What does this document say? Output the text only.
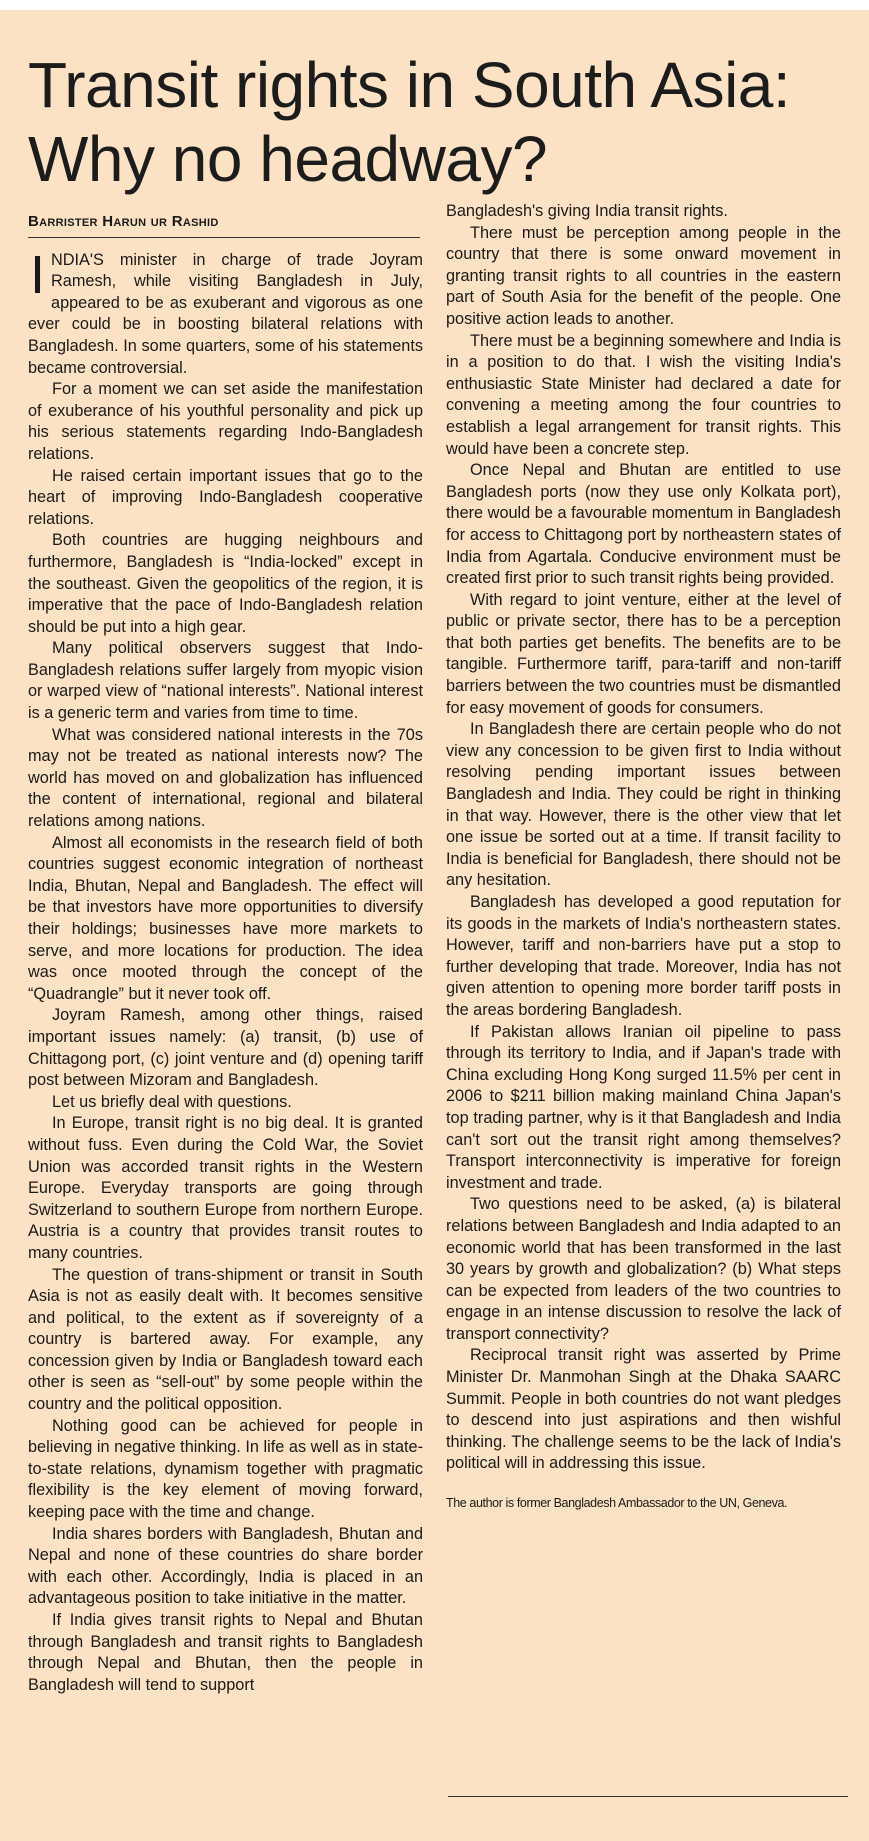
Transit rights in South Asia:
Why no headway?
Barrister Harun ur Rashid

INDIA'S minister in charge of trade Joyram Ramesh, while visiting Bangladesh in July, appeared to be as exuberant and vigorous as one ever could be in boosting bilateral relations with Bangladesh. In some quarters, some of his statements became controversial.

For a moment we can set aside the manifestation of exuberance of his youthful personality and pick up his serious statements regarding Indo-Bangladesh relations.

He raised certain important issues that go to the heart of improving Indo-Bangladesh cooperative relations.

Both countries are hugging neighbours and furthermore, Bangladesh is “India-locked” except in the southeast. Given the geopolitics of the region, it is imperative that the pace of Indo-Bangladesh relation should be put into a high gear.

Many political observers suggest that Indo-Bangladesh relations suffer largely from myopic vision or warped view of “national interests”. National interest is a generic term and varies from time to time.

What was considered national interests in the 70s may not be treated as national interests now? The world has moved on and globalization has influenced the content of international, regional and bilateral relations among nations.

Almost all economists in the research field of both countries suggest economic integration of northeast India, Bhutan, Nepal and Bangladesh. The effect will be that investors have more opportunities to diversify their holdings; businesses have more markets to serve, and more locations for production. The idea was once mooted through the concept of the “Quadrangle” but it never took off.

Joyram Ramesh, among other things, raised important issues namely: (a) transit, (b) use of Chittagong port, (c) joint venture and (d) opening tariff post between Mizoram and Bangladesh.

Let us briefly deal with questions.

In Europe, transit right is no big deal. It is granted without fuss. Even during the Cold War, the Soviet Union was accorded transit rights in the Western Europe. Everyday transports are going through Switzerland to southern Europe from northern Europe. Austria is a country that provides transit routes to many countries.

The question of trans-shipment or transit in South Asia is not as easily dealt with. It becomes sensitive and political, to the extent as if sovereignty of a country is bartered away. For example, any concession given by India or Bangladesh toward each other is seen as “sell-out” by some people within the country and the political opposition.

Nothing good can be achieved for people in believing in negative thinking. In life as well as in state-to-state relations, dynamism together with pragmatic flexibility is the key element of moving forward, keeping pace with the time and change.

India shares borders with Bangladesh, Bhutan and Nepal and none of these countries do share border with each other. Accordingly, India is placed in an advantageous position to take initiative in the matter.

If India gives transit rights to Nepal and Bhutan through Bangladesh and transit rights to Bangladesh through Nepal and Bhutan, then the people in Bangladesh will tend to support

Bangladesh's giving India transit rights.

There must be perception among people in the country that there is some onward movement in granting transit rights to all countries in the eastern part of South Asia for the benefit of the people. One positive action leads to another.

There must be a beginning somewhere and India is in a position to do that. I wish the visiting India's enthusiastic State Minister had declared a date for convening a meeting among the four countries to establish a legal arrangement for transit rights. This would have been a concrete step.

Once Nepal and Bhutan are entitled to use Bangladesh ports (now they use only Kolkata port), there would be a favourable momentum in Bangladesh for access to Chittagong port by northeastern states of India from Agartala. Conducive environment must be created first prior to such transit rights being provided.

With regard to joint venture, either at the level of public or private sector, there has to be a perception that both parties get benefits. The benefits are to be tangible. Furthermore tariff, para-tariff and non-tariff barriers between the two countries must be dismantled for easy movement of goods for consumers.

In Bangladesh there are certain people who do not view any concession to be given first to India without resolving pending important issues between Bangladesh and India. They could be right in thinking in that way. However, there is the other view that let one issue be sorted out at a time. If transit facility to India is beneficial for Bangladesh, there should not be any hesitation.

Bangladesh has developed a good reputation for its goods in the markets of India's northeastern states. However, tariff and non-barriers have put a stop to further developing that trade. Moreover, India has not given attention to opening more border tariff posts in the areas bordering Bangladesh.

If Pakistan allows Iranian oil pipeline to pass through its territory to India, and if Japan's trade with China excluding Hong Kong surged 11.5% per cent in 2006 to $211 billion making mainland China Japan's top trading partner, why is it that Bangladesh and India can't sort out the transit right among themselves? Transport interconnectivity is imperative for foreign investment and trade.

Two questions need to be asked, (a) is bilateral relations between Bangladesh and India adapted to an economic world that has been transformed in the last 30 years by growth and globalization? (b) What steps can be expected from leaders of the two countries to engage in an intense discussion to resolve the lack of transport connectivity?

Reciprocal transit right was asserted by Prime Minister Dr. Manmohan Singh at the Dhaka SAARC Summit. People in both countries do not want pledges to descend into just aspirations and then wishful thinking. The challenge seems to be the lack of India's political will in addressing this issue.

The author is former Bangladesh Ambassador to the UN, Geneva.
